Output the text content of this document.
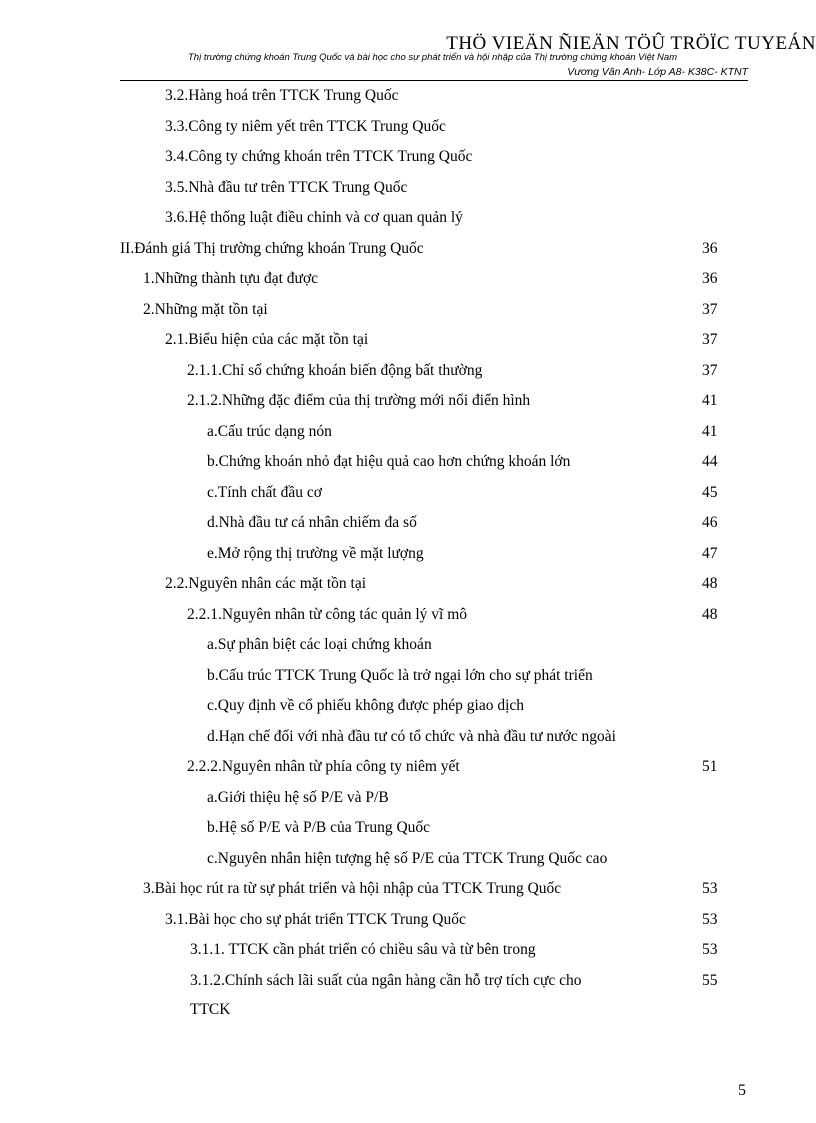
THÖ VIEÄN ÑIEÄN TÖÛ TRÖÏC TUYEÁN
Thị trường chứng khoán Trung Quốc và bài học cho sự phát triển và hội nhập của Thị trường chứng khoán Việt Nam
Vương Vân Anh- Lớp A8- K38C- KTNT
3.2.Hàng hoá trên TTCK Trung Quốc
3.3.Công ty niêm yết trên TTCK Trung Quốc
3.4.Công ty chứng khoán trên TTCK Trung Quốc
3.5.Nhà đầu tư trên TTCK Trung Quốc
3.6.Hệ thống luật điều chỉnh và cơ quan quản lý
II.Đánh giá Thị trường chứng khoán Trung Quốc	36
1.Những thành tựu đạt được	36
2.Những mặt tồn tại	37
2.1.Biểu hiện của các mặt tồn tại	37
2.1.1.Chỉ số chứng khoán biến động bất thường	37
2.1.2.Những đặc điểm của thị trường mới nổi điển hình	41
a.Cấu trúc dạng nón	41
b.Chứng khoán nhỏ đạt hiệu quả cao hơn chứng khoán lớn	44
c.Tính chất đầu cơ	45
d.Nhà đầu tư cá nhân chiếm đa số	46
e.Mở rộng thị trường về mặt lượng	47
2.2.Nguyên nhân các mặt tồn tại	48
2.2.1.Nguyên nhân từ công tác quản lý vĩ mô	48
a.Sự phân biệt các loại chứng khoán
b.Cấu trúc TTCK Trung Quốc là trở ngại lớn cho sự phát triển
c.Quy định về cổ phiếu không được phép giao dịch
d.Hạn chế đối với nhà đầu tư có tổ chức và nhà đầu tư nước ngoài
2.2.2.Nguyên nhân từ phía công ty niêm yết	51
a.Giới thiệu hệ số P/E và P/B
b.Hệ số P/E và P/B của Trung Quốc
c.Nguyên nhân hiện tượng hệ số P/E của TTCK Trung Quốc cao
3.Bài học rút ra từ sự phát triển và hội nhập của TTCK Trung Quốc	53
3.1.Bài học cho sự phát triển TTCK Trung Quốc	53
3.1.1. TTCK cần phát triển có chiều sâu và từ bên trong	53
3.1.2.Chính sách lãi suất của ngân hàng cần hỗ trợ tích cực cho	55
TTCK
5
